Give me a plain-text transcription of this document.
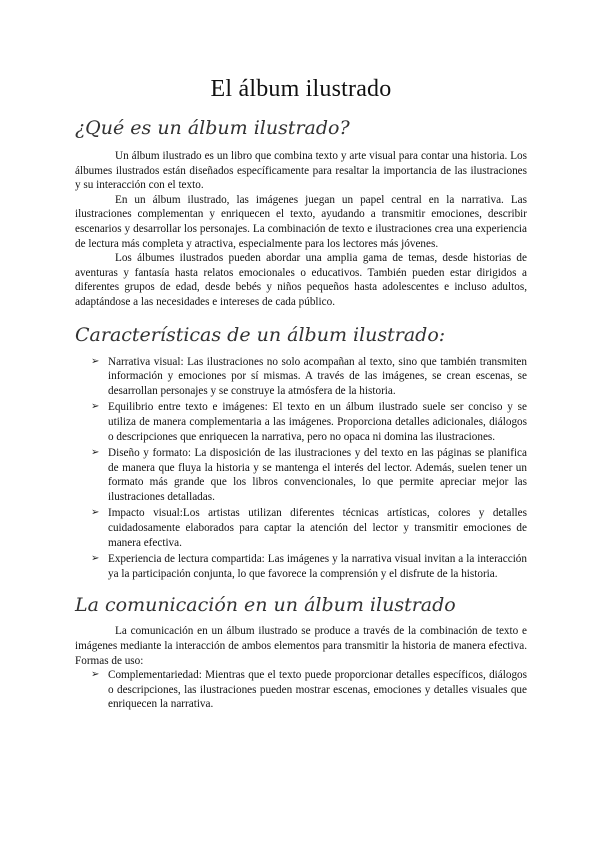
El álbum ilustrado
¿Qué es un álbum ilustrado?

Un álbum ilustrado es un libro que combina texto y arte visual para contar una historia. Los álbumes ilustrados están diseñados específicamente para resaltar la importancia de las ilustraciones y su interacción con el texto.

En un álbum ilustrado, las imágenes juegan un papel central en la narrativa. Las ilustraciones complementan y enriquecen el texto, ayudando a transmitir emociones, describir escenarios y desarrollar los personajes. La combinación de texto e ilustraciones crea una experiencia de lectura más completa y atractiva, especialmente para los lectores más jóvenes.

Los álbumes ilustrados pueden abordar una amplia gama de temas, desde historias de aventuras y fantasía hasta relatos emocionales o educativos. También pueden estar dirigidos a diferentes grupos de edad, desde bebés y niños pequeños hasta adolescentes e incluso adultos, adaptándose a las necesidades e intereses de cada público.

Características de un álbum ilustrado:
➢ Narrativa visual: Las ilustraciones no solo acompañan al texto, sino que también transmiten información y emociones por sí mismas. A través de las imágenes, se crean escenas, se desarrollan personajes y se construye la atmósfera de la historia.
➢ Equilibrio entre texto e imágenes: El texto en un álbum ilustrado suele ser conciso y se utiliza de manera complementaria a las imágenes. Proporciona detalles adicionales, diálogos o descripciones que enriquecen la narrativa, pero no opaca ni domina las ilustraciones.
➢ Diseño y formato: La disposición de las ilustraciones y del texto en las páginas se planifica de manera que fluya la historia y se mantenga el interés del lector. Además, suelen tener un formato más grande que los libros convencionales, lo que permite apreciar mejor las ilustraciones detalladas.
➢ Impacto visual:Los artistas utilizan diferentes técnicas artísticas, colores y detalles cuidadosamente elaborados para captar la atención del lector y transmitir emociones de manera efectiva.
➢ Experiencia de lectura compartida: Las imágenes y la narrativa visual invitan a la interacción ya la participación conjunta, lo que favorece la comprensión y el disfrute de la historia.
La comunicación en un álbum ilustrado

La comunicación en un álbum ilustrado se produce a través de la combinación de texto e imágenes mediante la interacción de ambos elementos para transmitir la historia de manera efectiva. Formas de uso:

➢ Complementariedad: Mientras que el texto puede proporcionar detalles específicos, diálogos o descripciones, las ilustraciones pueden mostrar escenas, emociones y detalles visuales que enriquecen la narrativa.
